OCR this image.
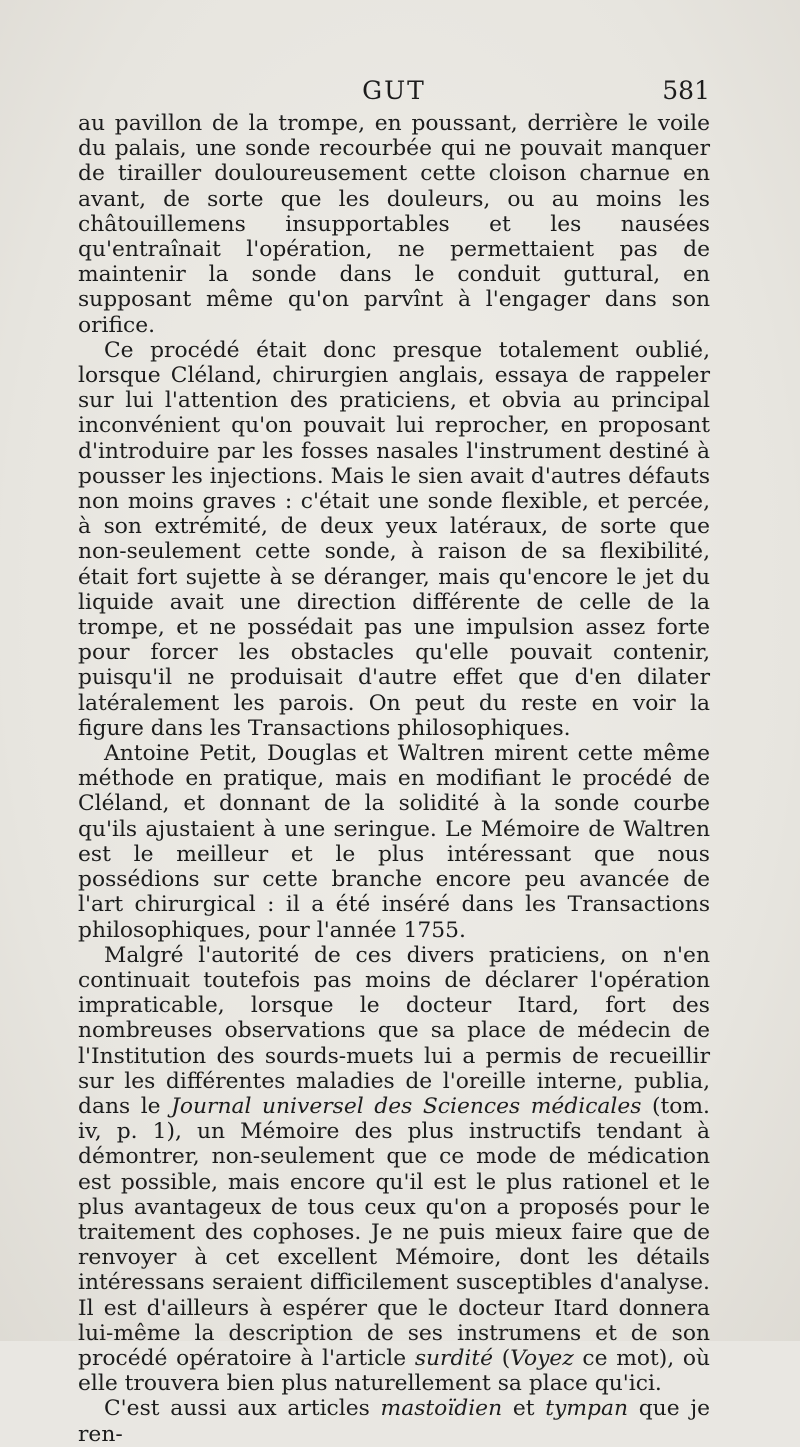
GUT	581

au pavillon de la trompe, en poussant, derrière le voile du palais, une sonde recourbée qui ne pouvait manquer de tirailler douloureusement cette cloison charnue en avant, de sorte que les douleurs, ou au moins les châtouillemens insupportables et les nausées qu'entraînait l'opération, ne permettaient pas de maintenir la sonde dans le conduit guttural, en supposant même qu'on parvînt à l'engager dans son orifice.

Ce procédé était donc presque totalement oublié, lorsque Cléland, chirurgien anglais, essaya de rappeler sur lui l'attention des praticiens, et obvia au principal inconvénient qu'on pouvait lui reprocher, en proposant d'introduire par les fosses nasales l'instrument destiné à pousser les injections. Mais le sien avait d'autres défauts non moins graves : c'était une sonde flexible, et percée, à son extrémité, de deux yeux latéraux, de sorte que non-seulement cette sonde, à raison de sa flexibilité, était fort sujette à se déranger, mais qu'encore le jet du liquide avait une direction différente de celle de la trompe, et ne possédait pas une impulsion assez forte pour forcer les obstacles qu'elle pouvait contenir, puisqu'il ne produisait d'autre effet que d'en dilater latéralement les parois. On peut du reste en voir la figure dans les Transactions philosophiques.

Antoine Petit, Douglas et Waltren mirent cette même méthode en pratique, mais en modifiant le procédé de Cléland, et donnant de la solidité à la sonde courbe qu'ils ajustaient à une seringue. Le Mémoire de Waltren est le meilleur et le plus intéressant que nous possédions sur cette branche encore peu avancée de l'art chirurgical : il a été inséré dans les Transactions philosophiques, pour l'année 1755.

Malgré l'autorité de ces divers praticiens, on n'en continuait toutefois pas moins de déclarer l'opération impraticable, lorsque le docteur Itard, fort des nombreuses observations que sa place de médecin de l'Institution des sourds-muets lui a permis de recueillir sur les différentes maladies de l'oreille interne, publia, dans le Journal universel des Sciences médicales (tom. iv, p. 1), un Mémoire des plus instructifs tendant à démontrer, non-seulement que ce mode de médication est possible, mais encore qu'il est le plus rationel et le plus avantageux de tous ceux qu'on a proposés pour le traitement des cophoses. Je ne puis mieux faire que de renvoyer à cet excellent Mémoire, dont les détails intéressans seraient difficilement susceptibles d'analyse. Il est d'ailleurs à espérer que le docteur Itard donnera lui-même la description de ses instrumens et de son procédé opératoire à l'article surdité (Voyez ce mot), où elle trouvera bien plus naturellement sa place qu'ici.

C'est aussi aux articles mastoïdien et tympan que je ren-
